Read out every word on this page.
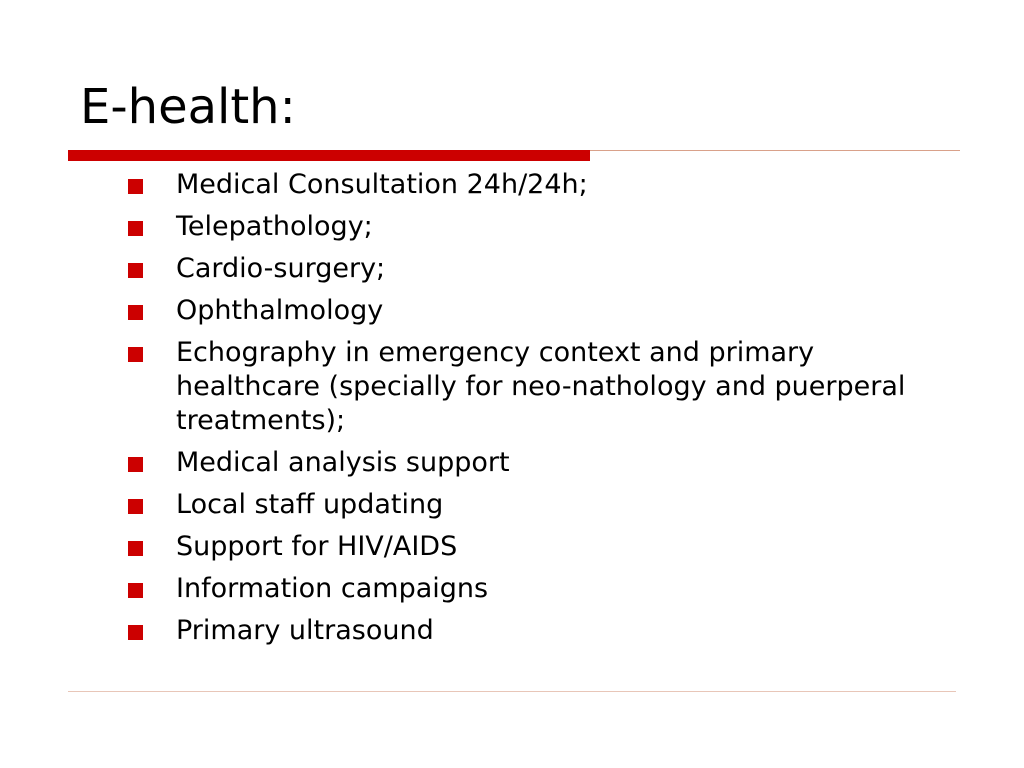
E-health:
Medical Consultation 24h/24h;
Telepathology;
Cardio-surgery;
Ophthalmology
Echography in emergency context and primary healthcare (specially for neo-nathology and puerperal treatments);
Medical analysis support
Local staff updating
Support for HIV/AIDS
Information campaigns
Primary ultrasound
